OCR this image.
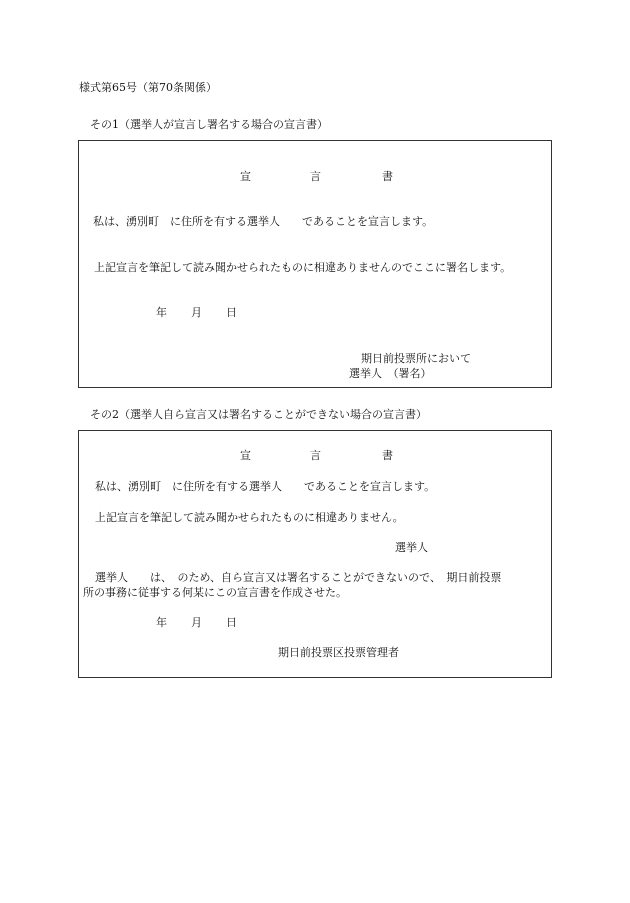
様式第65号（第70条関係）
その1（選挙人が宣言し署名する場合の宣言書）
宣	言	書
私は、湧別町　に住所を有する選挙人　　であることを宣言します。
上記宣言を筆記して読み聞かせられたものに相違ありませんのでここに署名します。
年 月 日
期日前投票所において
選挙人　（署名）
その2（選挙人自ら宣言又は署名することができない場合の宣言書）
宣	言	書
私は、湧別町　に住所を有する選挙人　　であることを宣言します。
上記宣言を筆記して読み聞かせられたものに相違ありません。
選挙人
選挙人　　は、　のため、自ら宣言又は署名することができないので、　期日前投票
所の事務に従事する何某にこの宣言書を作成させた。
年 月 日
期日前投票区投票管理者
